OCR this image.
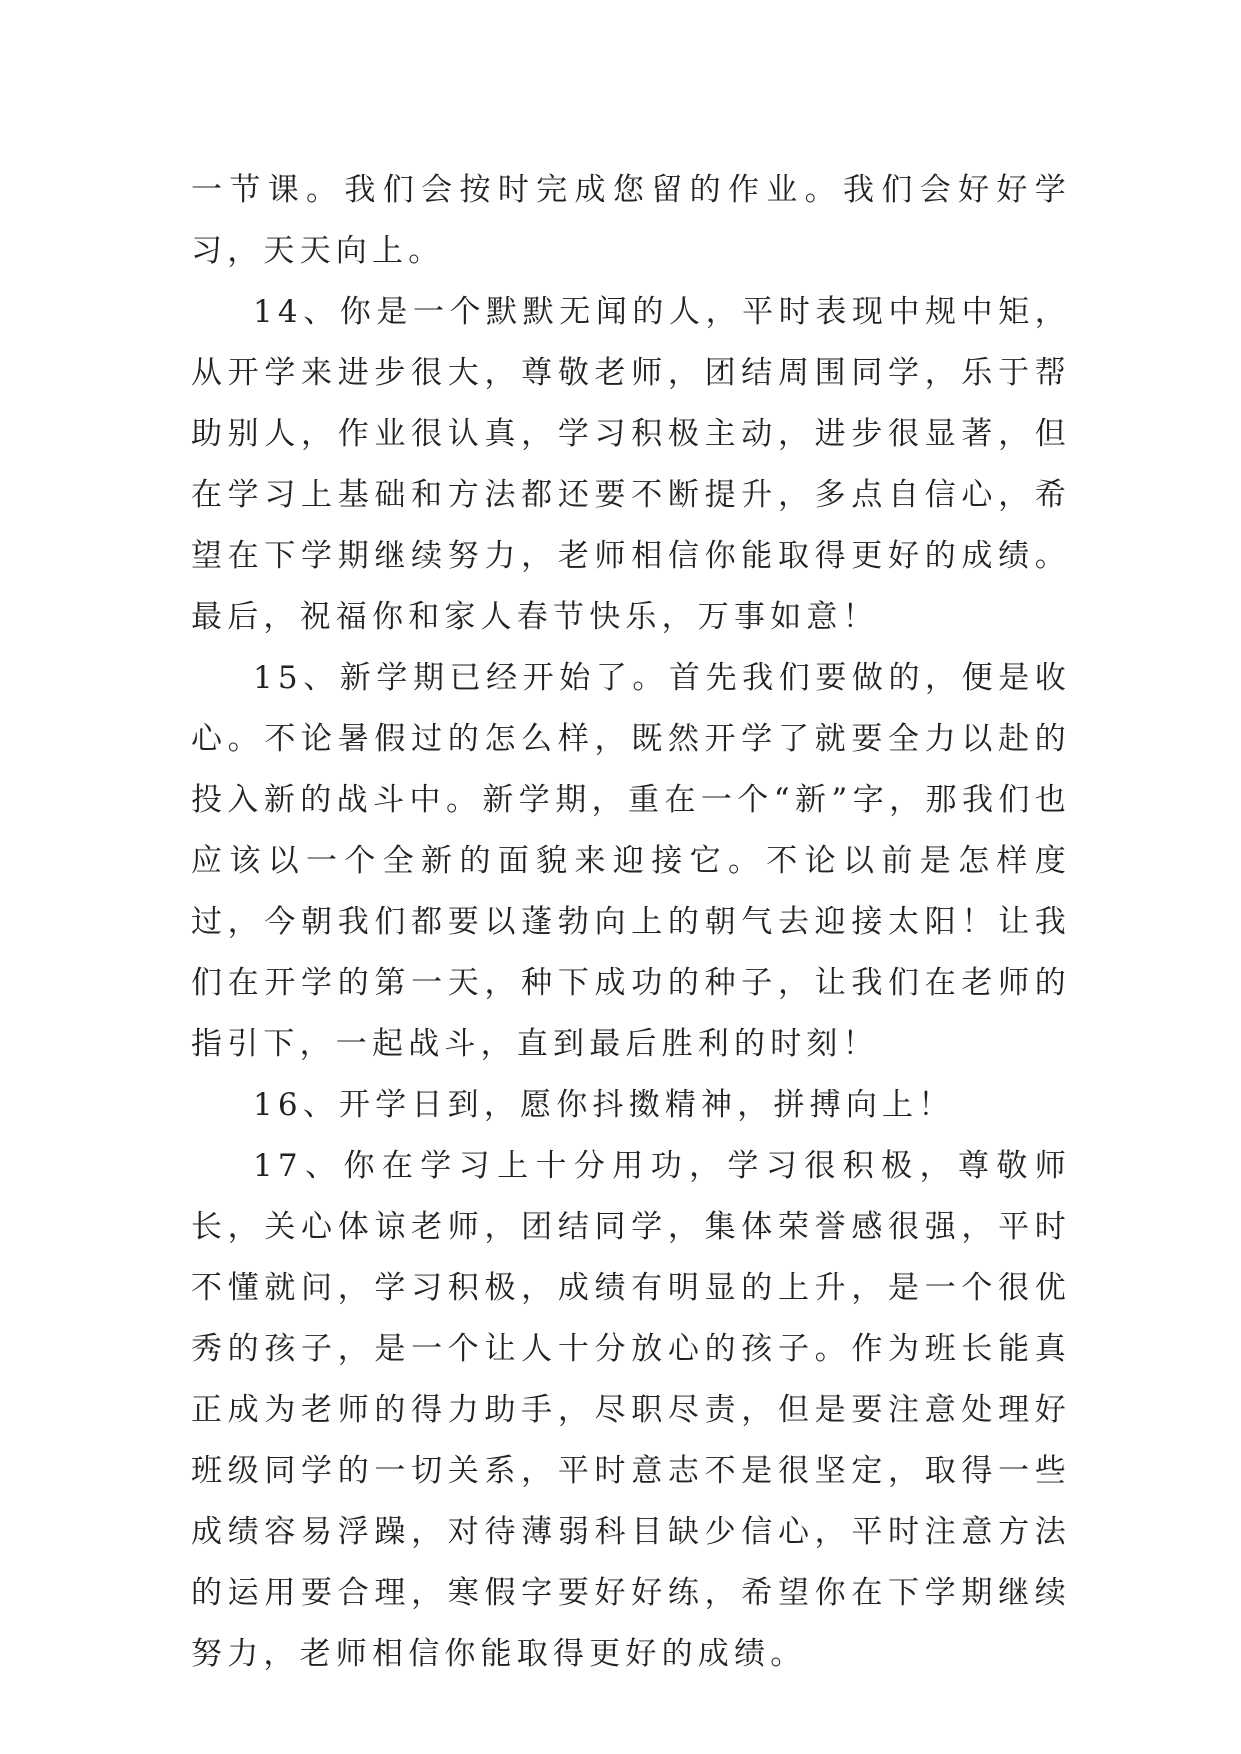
一节课。我们会按时完成您留的作业。我们会好好学习，天天向上。

14、你是一个默默无闻的人，平时表现中规中矩，从开学来进步很大，尊敬老师，团结周围同学，乐于帮助别人，作业很认真，学习积极主动，进步很显著，但在学习上基础和方法都还要不断提升，多点自信心，希望在下学期继续努力，老师相信你能取得更好的成绩。最后，祝福你和家人春节快乐，万事如意！

15、新学期已经开始了。首先我们要做的，便是收心。不论暑假过的怎么样，既然开学了就要全力以赴的投入新的战斗中。新学期，重在一个“新”字，那我们也应该以一个全新的面貌来迎接它。不论以前是怎样度过，今朝我们都要以蓬勃向上的朝气去迎接太阳！让我们在开学的第一天，种下成功的种子，让我们在老师的指引下，一起战斗，直到最后胜利的时刻！

16、开学日到，愿你抖擞精神，拼搏向上！

17、你在学习上十分用功，学习很积极，尊敬师长，关心体谅老师，团结同学，集体荣誉感很强，平时不懂就问，学习积极，成绩有明显的上升，是一个很优秀的孩子，是一个让人十分放心的孩子。作为班长能真正成为老师的得力助手，尽职尽责，但是要注意处理好班级同学的一切关系，平时意志不是很坚定，取得一些成绩容易浮躁，对待薄弱科目缺少信心，平时注意方法的运用要合理，寒假字要好好练，希望你在下学期继续努力，老师相信你能取得更好的成绩。
